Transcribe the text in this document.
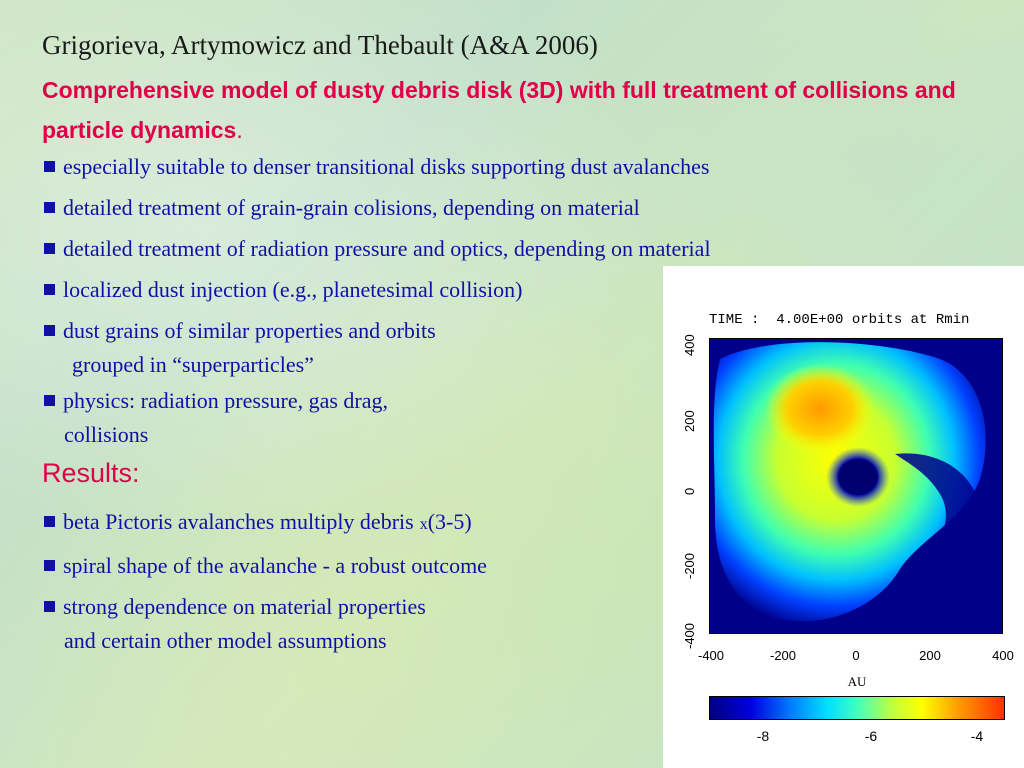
Grigorieva, Artymowicz and Thebault (A&A 2006)

Comprehensive model of dusty debris disk (3D) with full treatment of collisions and particle dynamics.

especially suitable to denser transitional disks supporting dust avalanches
detailed treatment of grain-grain colisions, depending on material
detailed treatment of radiation pressure and optics, depending on material
localized dust injection (e.g., planetesimal collision)
dust grains of similar properties and orbits
grouped in “superparticles”
physics: radiation pressure, gas drag,
collisions
Results:
beta Pictoris avalanches multiply debris x(3-5)
spiral shape of the avalanche - a robust outcome
strong dependence on material properties
and certain other model assumptions
TIME :  4.00E+00 orbits at Rmin
400
200
0
-200
-400
-400	-200	0	200	400
AU
-8	-6	-4
